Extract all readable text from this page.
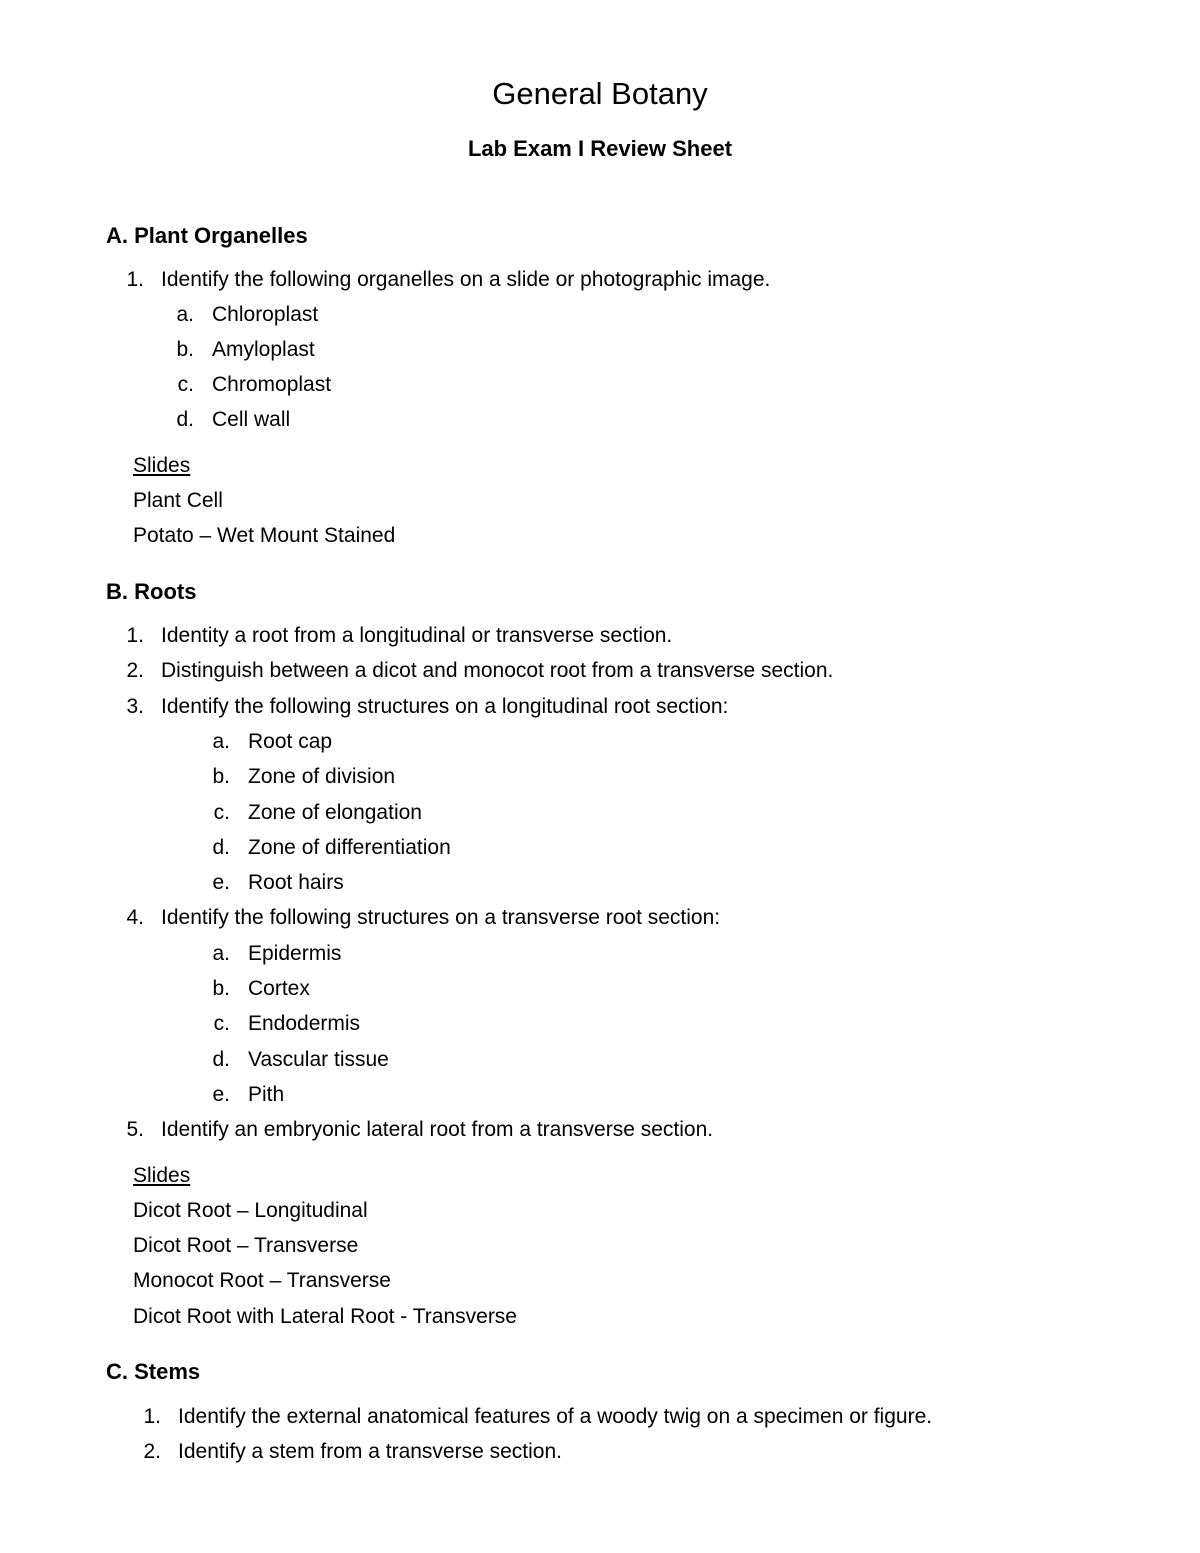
General Botany
Lab Exam I Review Sheet
A. Plant Organelles
1. Identify the following organelles on a slide or photographic image.
a. Chloroplast
b. Amyloplast
c. Chromoplast
d. Cell wall
Slides
Plant Cell
Potato – Wet Mount Stained
B. Roots
1. Identity a root from a longitudinal or transverse section.
2. Distinguish between a dicot and monocot root from a transverse section.
3. Identify the following structures on a longitudinal root section:
a. Root cap
b. Zone of division
c. Zone of elongation
d. Zone of differentiation
e. Root hairs
4. Identify the following structures on a transverse root section:
a. Epidermis
b. Cortex
c. Endodermis
d. Vascular tissue
e. Pith
5. Identify an embryonic lateral root from a transverse section.
Slides
Dicot Root – Longitudinal
Dicot Root – Transverse
Monocot Root – Transverse
Dicot Root with Lateral Root - Transverse
C. Stems
1. Identify the external anatomical features of a woody twig on a specimen or figure.
2. Identify a stem from a transverse section.
